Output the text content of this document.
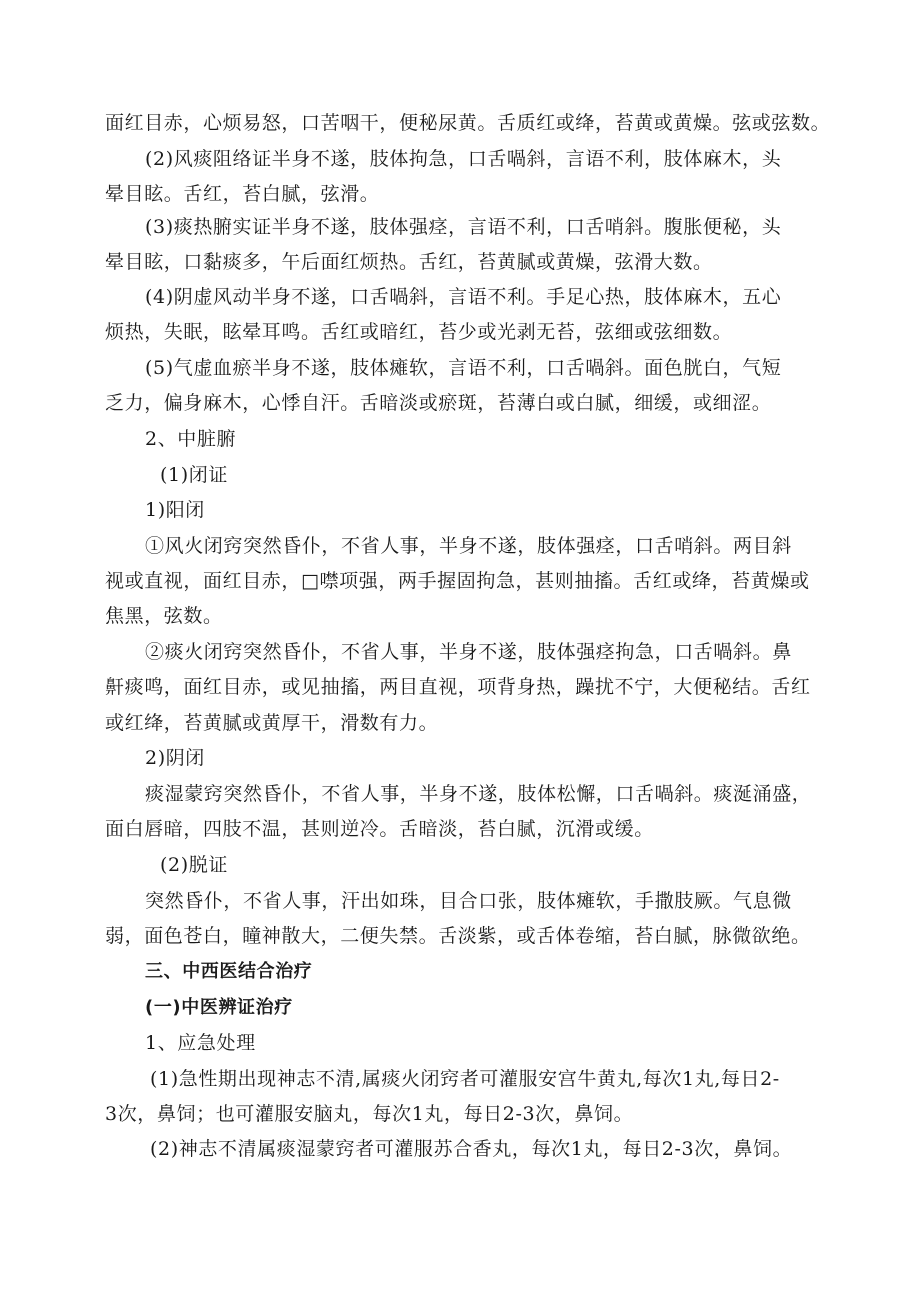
面红目赤，心烦易怒，口苦咽干，便秘尿黄。舌质红或绛，苔黄或黄燥。弦或弦数。
(2)风痰阻络证半身不遂，肢体拘急，口舌喎斜，言语不利，肢体麻木，头
晕目眩。舌红，苔白腻，弦滑。
(3)痰热腑实证半身不遂，肢体强痉，言语不利，口舌哨斜。腹胀便秘，头
晕目眩，口黏痰多，午后面红烦热。舌红，苔黄腻或黄燥，弦滑大数。
(4)阴虚风动半身不遂，口舌喎斜，言语不利。手足心热，肢体麻木，五心
烦热，失眠，眩晕耳鸣。舌红或暗红，苔少或光剥无苔，弦细或弦细数。
(5)气虚血瘀半身不遂，肢体瘫软，言语不利，口舌喎斜。面色胱白，气短
乏力，偏身麻木，心悸自汗。舌暗淡或瘀斑，苔薄白或白腻，细缓，或细涩。
2、中脏腑
(1)闭证
1)阳闭
①风火闭窍突然昏仆，不省人事，半身不遂，肢体强痉，口舌哨斜。两目斜
视或直视，面红目赤，□噤项强，两手握固拘急，甚则抽搐。舌红或绛，苔黄燥或
焦黑，弦数。
②痰火闭窍突然昏仆，不省人事，半身不遂，肢体强痉拘急，口舌喎斜。鼻
鼾痰鸣，面红目赤，或见抽搐，两目直视，项背身热，躁扰不宁，大便秘结。舌红
或红绛，苔黄腻或黄厚干，滑数有力。
2)阴闭
痰湿蒙窍突然昏仆，不省人事，半身不遂，肢体松懈，口舌喎斜。痰涎涌盛，
面白唇暗，四肢不温，甚则逆冷。舌暗淡，苔白腻，沉滑或缓。
(2)脱证
突然昏仆，不省人事，汗出如珠，目合口张，肢体瘫软，手撒肢厥。气息微
弱，面色苍白，瞳神散大，二便失禁。舌淡紫，或舌体卷缩，苔白腻，脉微欲绝。
三、中西医结合治疗
(一)中医辨证治疗
1、应急处理
(1)急性期出现神志不清,属痰火闭窍者可灌服安宫牛黄丸,每次1丸,每日2-
3次，鼻饲；也可灌服安脑丸，每次1丸，每日2-3次，鼻饲。
(2)神志不清属痰湿蒙窍者可灌服苏合香丸，每次1丸，每日2-3次，鼻饲。
